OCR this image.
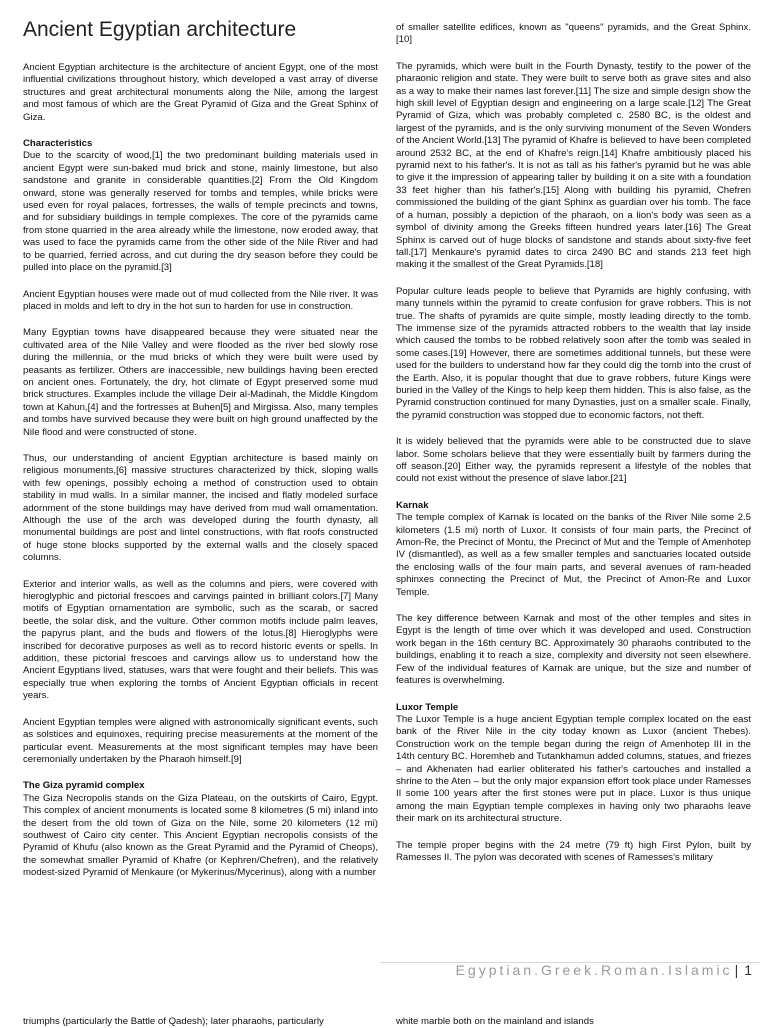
Ancient Egyptian architecture

Ancient Egyptian architecture is the architecture of ancient Egypt, one of the most influential civilizations throughout history, which developed a vast array of diverse structures and great architectural monuments along the Nile, among the largest and most famous of which are the Great Pyramid of Giza and the Great Sphinx of Giza.

Characteristics

Due to the scarcity of wood,[1] the two predominant building materials used in ancient Egypt were sun-baked mud brick and stone, mainly limestone, but also sandstone and granite in considerable quantities.[2] From the Old Kingdom onward, stone was generally reserved for tombs and temples, while bricks were used even for royal palaces, fortresses, the walls of temple precincts and towns, and for subsidiary buildings in temple complexes. The core of the pyramids came from stone quarried in the area already while the limestone, now eroded away, that was used to face the pyramids came from the other side of the Nile River and had to be quarried, ferried across, and cut during the dry season before they could be pulled into place on the pyramid.[3]

Ancient Egyptian houses were made out of mud collected from the Nile river. It was placed in molds and left to dry in the hot sun to harden for use in construction.

Many Egyptian towns have disappeared because they were situated near the cultivated area of the Nile Valley and were flooded as the river bed slowly rose during the millennia, or the mud bricks of which they were built were used by peasants as fertilizer. Others are inaccessible, new buildings having been erected on ancient ones. Fortunately, the dry, hot climate of Egypt preserved some mud brick structures. Examples include the village Deir al-Madinah, the Middle Kingdom town at Kahun,[4] and the fortresses at Buhen[5] and Mirgissa. Also, many temples and tombs have survived because they were built on high ground unaffected by the Nile flood and were constructed of stone.

Thus, our understanding of ancient Egyptian architecture is based mainly on religious monuments,[6] massive structures characterized by thick, sloping walls with few openings, possibly echoing a method of construction used to obtain stability in mud walls. In a similar manner, the incised and flatly modeled surface adornment of the stone buildings may have derived from mud wall ornamentation. Although the use of the arch was developed during the fourth dynasty, all monumental buildings are post and lintel constructions, with flat roofs constructed of huge stone blocks supported by the external walls and the closely spaced columns.

Exterior and interior walls, as well as the columns and piers, were covered with hieroglyphic and pictorial frescoes and carvings painted in brilliant colors.[7] Many motifs of Egyptian ornamentation are symbolic, such as the scarab, or sacred beetle, the solar disk, and the vulture. Other common motifs include palm leaves, the papyrus plant, and the buds and flowers of the lotus.[8] Hieroglyphs were inscribed for decorative purposes as well as to record historic events or spells. In addition, these pictorial frescoes and carvings allow us to understand how the Ancient Egyptians lived, statuses, wars that were fought and their beliefs. This was especially true when exploring the tombs of Ancient Egyptian officials in recent years.

Ancient Egyptian temples were aligned with astronomically significant events, such as solstices and equinoxes, requiring precise measurements at the moment of the particular event. Measurements at the most significant temples may have been ceremonially undertaken by the Pharaoh himself.[9]

The Giza pyramid complex

The Giza Necropolis stands on the Giza Plateau, on the outskirts of Cairo, Egypt. This complex of ancient monuments is located some 8 kilometres (5 mi) inland into the desert from the old town of Giza on the Nile, some 20 kilometers (12 mi) southwest of Cairo city center. This Ancient Egyptian necropolis consists of the Pyramid of Khufu (also known as the Great Pyramid and the Pyramid of Cheops), the somewhat smaller Pyramid of Khafre (or Kephren/Chefren), and the relatively modest-sized Pyramid of Menkaure (or Mykerinus/Mycerinus), along with a number

of smaller satellite edifices, known as "queens" pyramids, and the Great Sphinx.[10]

The pyramids, which were built in the Fourth Dynasty, testify to the power of the pharaonic religion and state. They were built to serve both as grave sites and also as a way to make their names last forever.[11] The size and simple design show the high skill level of Egyptian design and engineering on a large scale.[12] The Great Pyramid of Giza, which was probably completed c. 2580 BC, is the oldest and largest of the pyramids, and is the only surviving monument of the Seven Wonders of the Ancient World.[13] The pyramid of Khafre is believed to have been completed around 2532 BC, at the end of Khafre's reign.[14] Khafre ambitiously placed his pyramid next to his father's. It is not as tall as his father's pyramid but he was able to give it the impression of appearing taller by building it on a site with a foundation 33 feet higher than his father's.[15] Along with building his pyramid, Chefren commissioned the building of the giant Sphinx as guardian over his tomb. The face of a human, possibly a depiction of the pharaoh, on a lion's body was seen as a symbol of divinity among the Greeks fifteen hundred years later.[16] The Great Sphinx is carved out of huge blocks of sandstone and stands about sixty-five feet tall.[17] Menkaure's pyramid dates to circa 2490 BC and stands 213 feet high making it the smallest of the Great Pyramids.[18]

Popular culture leads people to believe that Pyramids are highly confusing, with many tunnels within the pyramid to create confusion for grave robbers. This is not true. The shafts of pyramids are quite simple, mostly leading directly to the tomb. The immense size of the pyramids attracted robbers to the wealth that lay inside which caused the tombs to be robbed relatively soon after the tomb was sealed in some cases.[19] However, there are sometimes additional tunnels, but these were used for the builders to understand how far they could dig the tomb into the crust of the Earth. Also, it is popular thought that due to grave robbers, future Kings were buried in the Valley of the Kings to help keep them hidden. This is also false, as the Pyramid construction continued for many Dynasties, just on a smaller scale. Finally, the pyramid construction was stopped due to economic factors, not theft.

It is widely believed that the pyramids were able to be constructed due to slave labor. Some scholars believe that they were essentially built by farmers during the off season.[20] Either way, the pyramids represent a lifestyle of the nobles that could not exist without the presence of slave labor.[21]

Karnak

The temple complex of Karnak is located on the banks of the River Nile some 2.5 kilometers (1.5 mi) north of Luxor. It consists of four main parts, the Precinct of Amon-Re, the Precinct of Montu, the Precinct of Mut and the Temple of Amenhotep IV (dismantled), as well as a few smaller temples and sanctuaries located outside the enclosing walls of the four main parts, and several avenues of ram-headed sphinxes connecting the Precinct of Mut, the Precinct of Amon-Re and Luxor Temple.

The key difference between Karnak and most of the other temples and sites in Egypt is the length of time over which it was developed and used. Construction work began in the 16th century BC. Approximately 30 pharaohs contributed to the buildings, enabling it to reach a size, complexity and diversity not seen elsewhere. Few of the individual features of Karnak are unique, but the size and number of features is overwhelming.

Luxor Temple

The Luxor Temple is a huge ancient Egyptian temple complex located on the east bank of the River Nile in the city today known as Luxor (ancient Thebes). Construction work on the temple began during the reign of Amenhotep III in the 14th century BC. Horemheb and Tutankhamun added columns, statues, and friezes – and Akhenaten had earlier obliterated his father's cartouches and installed a shrine to the Aten – but the only major expansion effort took place under Ramesses II some 100 years after the first stones were put in place. Luxor is thus unique among the main Egyptian temple complexes in having only two pharaohs leave their mark on its architectural structure.

The temple proper begins with the 24 metre (79 ft) high First Pylon, built by Ramesses II. The pylon was decorated with scenes of Ramesses's military

Egyptian.Greek.Roman.Islamic | 1
triumphs (particularly the Battle of Qadesh); later pharaohs, particularly	white marble both on the mainland and islands
